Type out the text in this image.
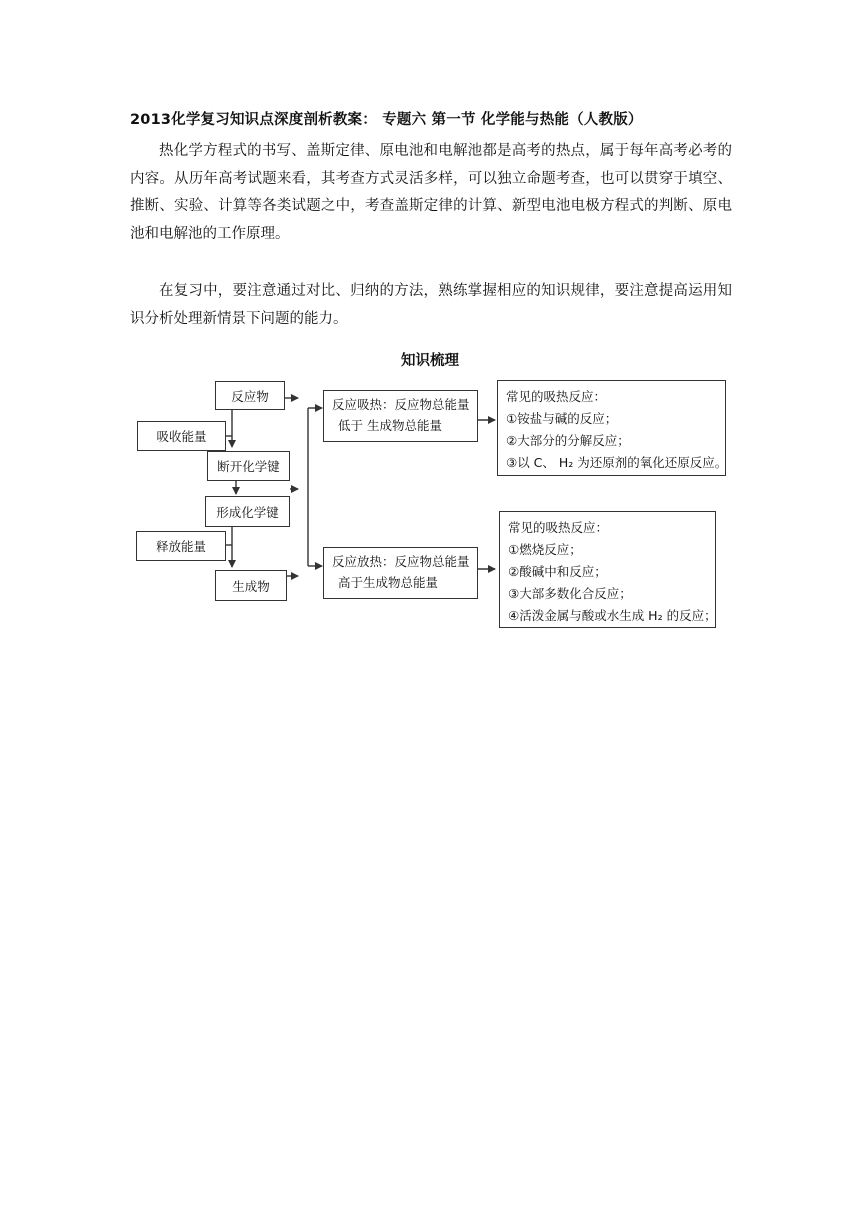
2013化学复习知识点深度剖析教案： 专题六 第一节 化学能与热能（人教版）

热化学方程式的书写、盖斯定律、原电池和电解池都是高考的热点，属于每年高考必考的内容。从历年高考试题来看，其考查方式灵活多样，可以独立命题考查，也可以贯穿于填空、推断、实验、计算等各类试题之中，考查盖斯定律的计算、新型电池电极方程式的判断、原电池和电解池的工作原理。

在复习中，要注意通过对比、归纳的方法，熟练掌握相应的知识规律，要注意提高运用知识分析处理新情景下问题的能力。

知识梳理
反应物
吸收能量
断开化学键
形成化学键
释放能量
生成物
反应吸热：反应物总能量
低于 生成物总能量
反应放热：反应物总能量
高于生成物总能量
常见的吸热反应：
①铵盐与碱的反应；
②大部分的分解反应；
③以 C、 H₂ 为还原剂的氧化还原反应。
常见的吸热反应：
①燃烧反应；
②酸碱中和反应；
③大部多数化合反应；
④活泼金属与酸或水生成 H₂ 的反应；
